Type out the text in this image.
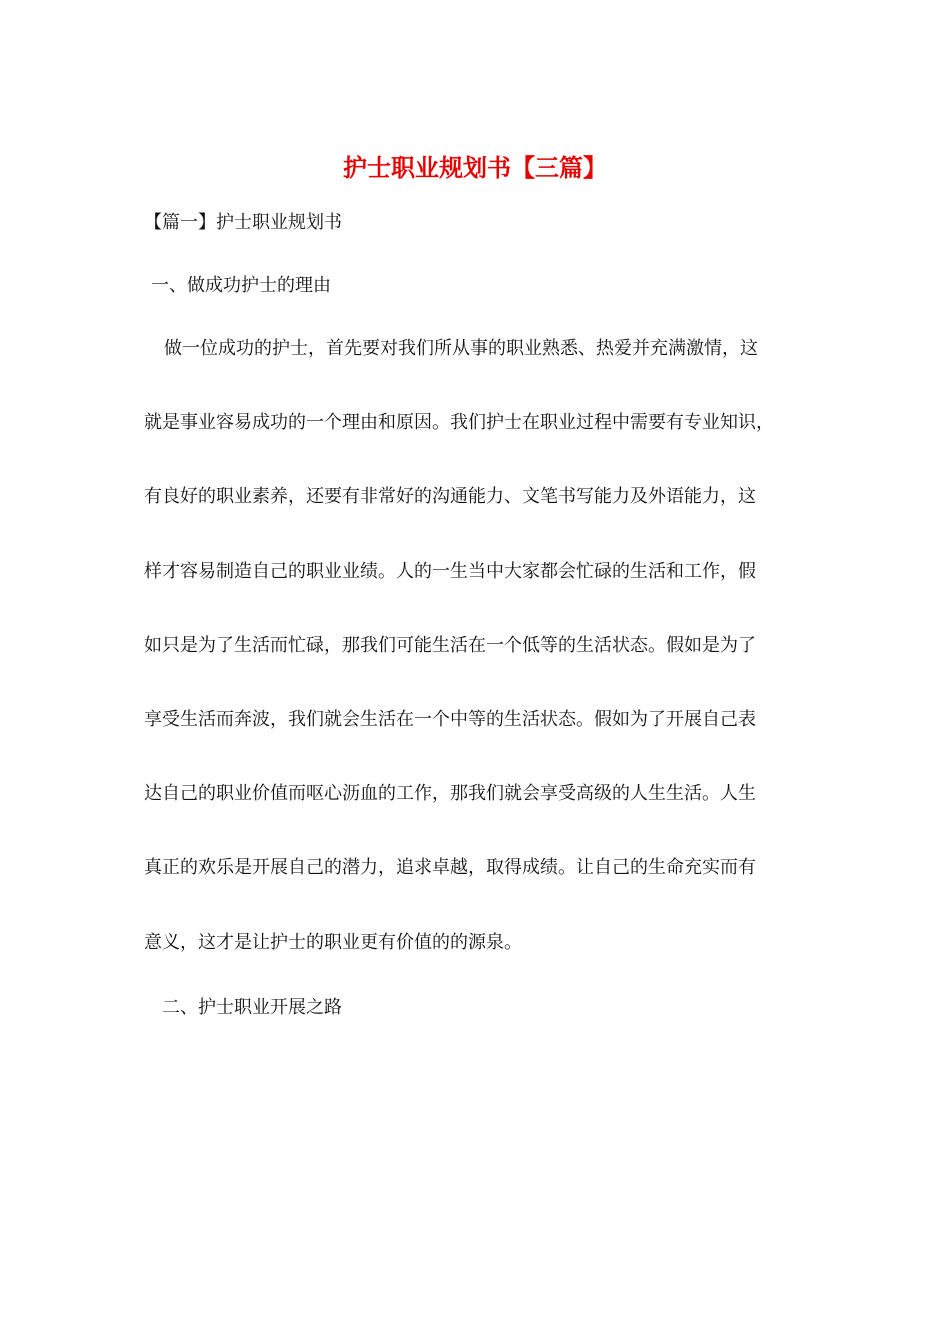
护士职业规划书【三篇】
【篇一】护士职业规划书
一、做成功护士的理由
做一位成功的护士，首先要对我们所从事的职业熟悉、热爱并充满激情，这
就是事业容易成功的一个理由和原因。我们护士在职业过程中需要有专业知识，
有良好的职业素养，还要有非常好的沟通能力、文笔书写能力及外语能力，这
样才容易制造自己的职业业绩。人的一生当中大家都会忙碌的生活和工作，假
如只是为了生活而忙碌，那我们可能生活在一个低等的生活状态。假如是为了
享受生活而奔波，我们就会生活在一个中等的生活状态。假如为了开展自己表
达自己的职业价值而呕心沥血的工作，那我们就会享受高级的人生生活。人生
真正的欢乐是开展自己的潜力，追求卓越，取得成绩。让自己的生命充实而有
意义，这才是让护士的职业更有价值的的源泉。
二、护士职业开展之路
